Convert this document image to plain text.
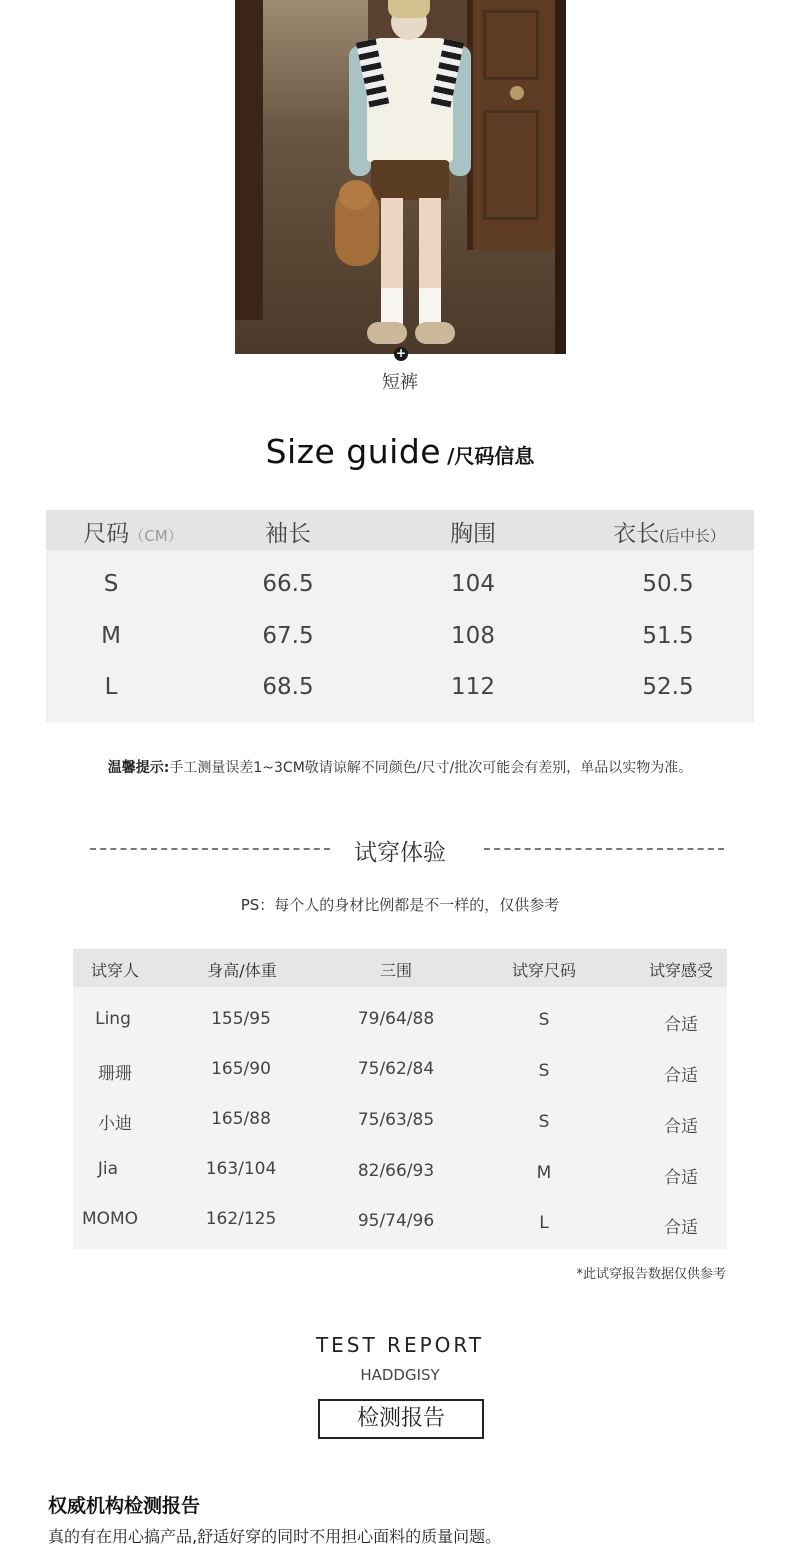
+
短裤
Size guide /尺码信息
尺码（CM）	袖长	胸围	衣长(后中长）
S	66.5	104	50.5
M	67.5	108	51.5
L	68.5	112	52.5
温馨提示:手工测量误差1~3CM敬请谅解不同颜色/尺寸/批次可能会有差别，单品以实物为准。
试穿体验
PS：每个人的身材比例都是不一样的，仅供参考
试穿人	身高/体重	三围	试穿尺码	试穿感受
Ling	155/95	79/64/88	S	合适
珊珊	165/90	75/62/84	S	合适
小迪	165/88	75/63/85	S	合适
Jia	163/104	82/66/93	M	合适
MOMO	162/125	95/74/96	L	合适
*此试穿报告数据仅供参考
TEST REPORT
HADDGISY
检测报告
权威机构检测报告
真的有在用心搞产品,舒适好穿的同时不用担心面料的质量问题。
